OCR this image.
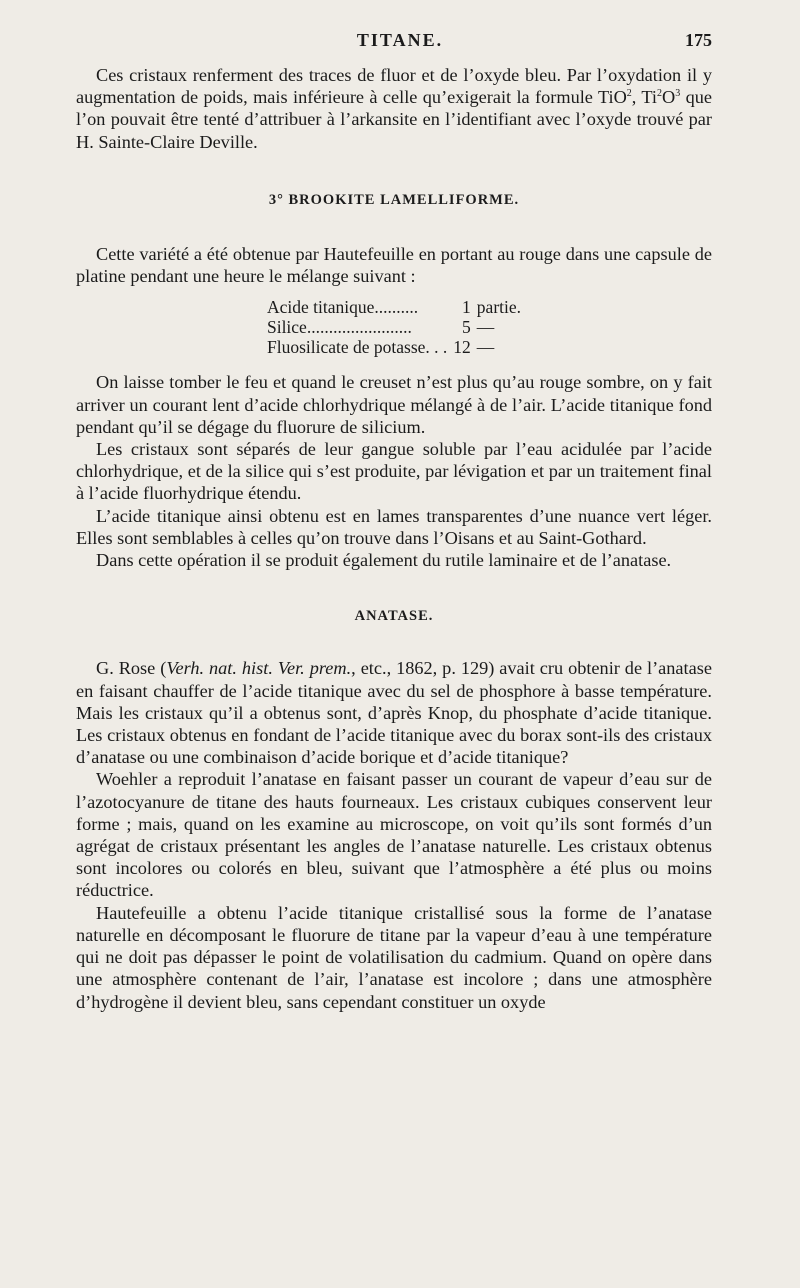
TITANE.	175

Ces cristaux renferment des traces de fluor et de l’oxyde bleu. Par l’oxydation il y augmentation de poids, mais inférieure à celle qu’exigerait la formule TiO$^2$, $Ti^2O^3$ que l’on pouvait être tenté d’attribuer à l’arkansite en l’identifiant avec l’oxyde trouvé par H. Sainte-Claire Deville.

3° BROOKITE LAMELLIFORME.

Cette variété a été obtenue par Hautefeuille en portant au rouge dans une capsule de platine pendant une heure le mélange suivant :

Acide titanique..........	1	partie.
Silice........................	5	—
Fluosilicate de potasse. . .	12	—

On laisse tomber le feu et quand le creuset n’est plus qu’au rouge sombre, on y fait arriver un courant lent d’acide chlorhydrique mélangé à de l’air. L’acide titanique fond pendant qu’il se dégage du fluorure de silicium.

Les cristaux sont séparés de leur gangue soluble par l’eau acidulée par l’acide chlorhydrique, et de la silice qui s’est produite, par lévigation et par un traitement final à l’acide fluorhydrique étendu.

L’acide titanique ainsi obtenu est en lames transparentes d’une nuance vert léger. Elles sont semblables à celles qu’on trouve dans l’Oisans et au Saint-Gothard.

Dans cette opération il se produit également du rutile laminaire et de l’anatase.

ANATASE.

G. Rose (Verh. nat. hist. Ver. prem., etc., 1862, p. 129) avait cru obtenir de l’anatase en faisant chauffer de l’acide titanique avec du sel de phosphore à basse température. Mais les cristaux qu’il a obtenus sont, d’après Knop, du phosphate d’acide titanique. Les cristaux obtenus en fondant de l’acide titanique avec du borax sont-ils des cristaux d’anatase ou une combinaison d’acide borique et d’acide titanique?

Woehler a reproduit l’anatase en faisant passer un courant de vapeur d’eau sur de l’azotocyanure de titane des hauts fourneaux. Les cristaux cubiques conservent leur forme ; mais, quand on les examine au microscope, on voit qu’ils sont formés d’un agrégat de cristaux présentant les angles de l’anatase naturelle. Les cristaux obtenus sont incolores ou colorés en bleu, suivant que l’atmosphère a été plus ou moins réductrice.

Hautefeuille a obtenu l’acide titanique cristallisé sous la forme de l’anatase naturelle en décomposant le fluorure de titane par la vapeur d’eau à une température qui ne doit pas dépasser le point de volatilisation du cadmium. Quand on opère dans une atmosphère contenant de l’air, l’anatase est incolore ; dans une atmosphère d’hydrogène il devient bleu, sans cependant constituer un oxyde
